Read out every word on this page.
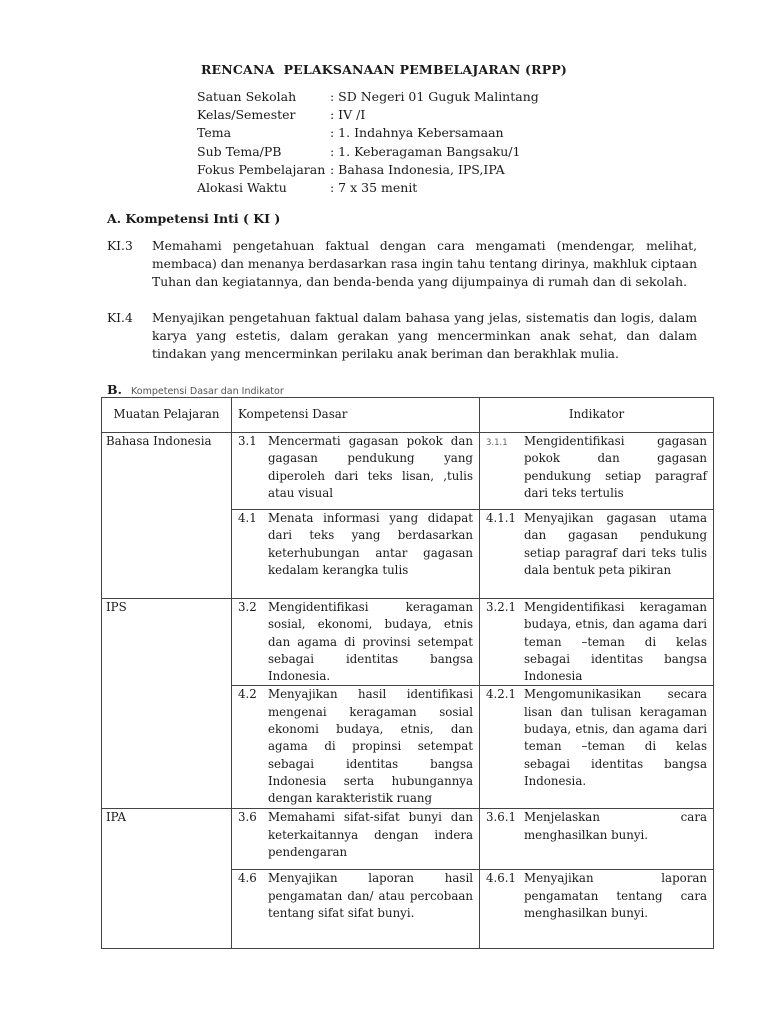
RENCANA  PELAKSANAAN PEMBELAJARAN (RPP)
Satuan Sekolah	: SD Negeri 01 Guguk Malintang
Kelas/Semester	: IV /I
Tema	: 1. Indahnya Kebersamaan
Sub Tema/PB	: 1. Keberagaman Bangsaku/1
Fokus Pembelajaran : Bahasa Indonesia, IPS,IPA
Alokasi Waktu	: 7 x 35 menit
A. Kompetensi Inti ( KI )
KI.3	Memahami pengetahuan faktual dengan cara mengamati (mendengar, melihat, membaca) dan menanya berdasarkan rasa ingin tahu tentang dirinya, makhluk ciptaan Tuhan dan kegiatannya, dan benda-benda yang dijumpainya di rumah dan di sekolah.
KI.4	Menyajikan pengetahuan faktual dalam bahasa yang jelas, sistematis dan logis, dalam karya yang estetis, dalam gerakan yang mencerminkan anak sehat, dan dalam tindakan yang mencerminkan perilaku anak beriman dan berakhlak mulia.
B. Kompetensi Dasar dan Indikator
Muatan Pelajaran	Kompetensi Dasar	Indikator
Bahasa Indonesia	3.1 Mencermati gagasan pokok dan gagasan pendukung yang diperoleh dari teks lisan, ,tulis atau visual	3.1.1 Mengidentifikasi gagasan pokok dan gagasan pendukung setiap paragraf dari teks tertulis

	4.1 Menata informasi yang didapat dari teks yang berdasarkan keterhubungan antar gagasan kedalam kerangka tulis	4.1.1 Menyajikan gagasan utama dan gagasan pendukung setiap paragraf dari teks tulis dala bentuk peta pikiran

IPS	3.2 Mengidentifikasi keragaman sosial, ekonomi, budaya, etnis dan agama di provinsi setempat sebagai identitas bangsa Indonesia.	3.2.1 Mengidentifikasi keragaman budaya, etnis, dan agama dari teman –teman di kelas sebagai identitas bangsa Indonesia

	4.2 Menyajikan hasil identifikasi mengenai keragaman sosial ekonomi budaya, etnis, dan agama di propinsi setempat sebagai identitas bangsa Indonesia serta hubungannya dengan karakteristik ruang	4.2.1 Mengomunikasikan secara lisan dan tulisan keragaman budaya, etnis, dan agama dari teman –teman di kelas sebagai identitas bangsa Indonesia.

IPA	3.6 Memahami sifat-sifat bunyi dan keterkaitannya dengan indera pendengaran	3.6.1 Menjelaskan cara menghasilkan bunyi.

	4.6 Menyajikan laporan hasil pengamatan dan/ atau percobaan tentang sifat sifat bunyi.	4.6.1 Menyajikan laporan pengamatan tentang cara menghasilkan bunyi.
